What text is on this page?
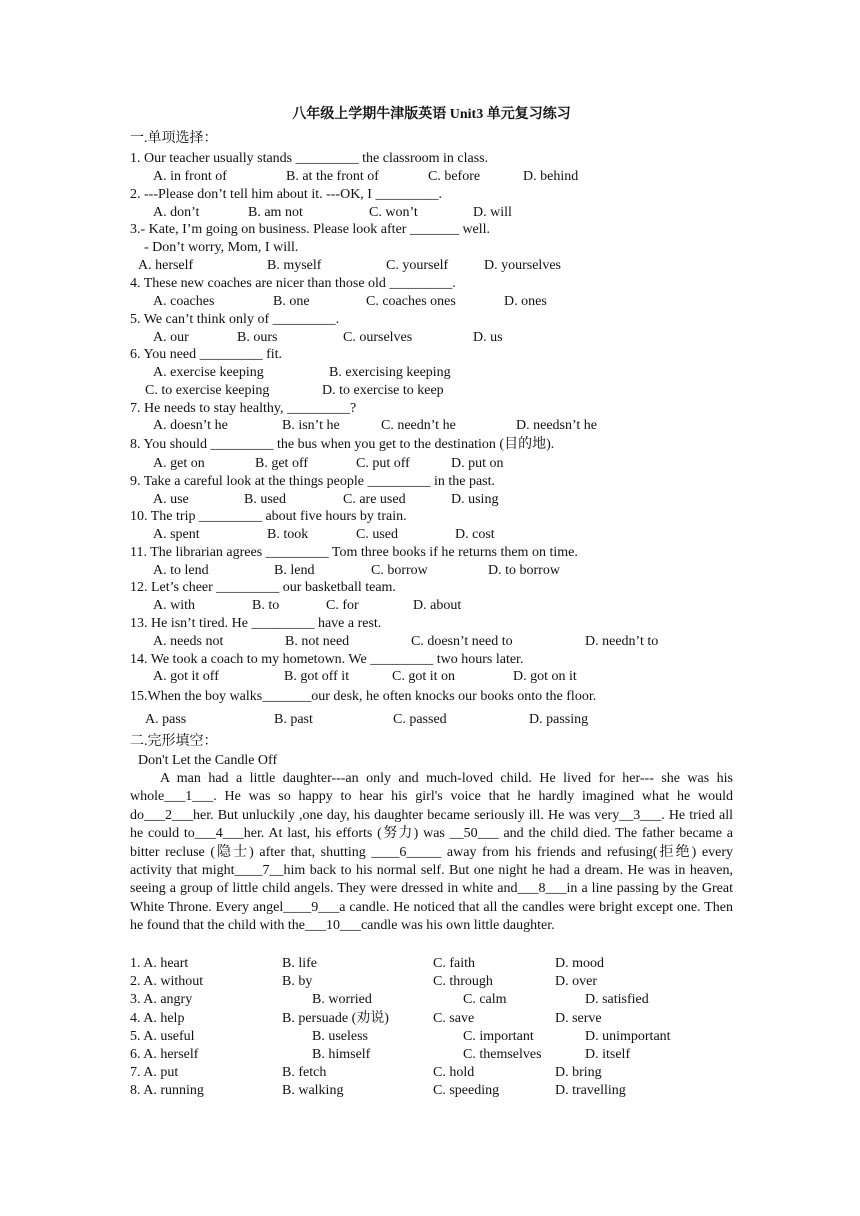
八年级上学期牛津版英语 Unit3 单元复习练习
一.单项选择：
1. Our teacher usually stands _________ the classroom in class.
A. in front of	B. at the front of	C. before	D. behind
2. ---Please don’t tell him about it. ---OK, I _________.
A. don’t	B. am not	C. won’t	D. will
3.- Kate, I’m going on business. Please look after _______ well.
- Don’t worry, Mom, I will.
A. herself	B. myself	C. yourself	D. yourselves
4. These new coaches are nicer than those old _________.
A. coaches	B. one	C. coaches ones	D. ones
5. We can’t think only of _________.
A. our	B. ours	C. ourselves	D. us
6. You need _________ fit.
A. exercise keeping	B. exercising keeping
C. to exercise keeping	D. to exercise to keep
7. He needs to stay healthy, _________?
A. doesn’t he	B. isn’t he	C. needn’t he	D. needsn’t he
8. You should _________ the bus when you get to the destination (目的地).
A. get on	B. get off	C. put off	D. put on
9. Take a careful look at the things people _________ in the past.
A. use	B. used	C. are used	D. using
10. The trip _________ about five hours by train.
A. spent	B. took	C. used	D. cost
11. The librarian agrees _________ Tom three books if he returns them on time.
A. to lend	B. lend	C. borrow	D. to borrow
12. Let’s cheer _________ our basketball team.
A. with	B. to	C. for	D. about
13. He isn’t tired. He _________ have a rest.
A. needs not	B. not need	C. doesn’t need to	D. needn’t to
14. We took a coach to my hometown. We _________ two hours later.
A. got it off	B. got off it	C. got it on	D. got on it
15.When the boy walks_______our desk, he often knocks our books onto the floor.
A. pass	B. past	C. passed	D. passing
二.完形填空：
Don't Let the Candle Off
A man had a little daughter---an only and much-loved child. He lived for her--- she was his whole___1___. He was so happy to hear his girl's voice that he hardly imagined what he would do___2___her. But unluckily ,one day, his daughter became seriously ill. He was very__3___. He tried all he could to___4___her. At last, his efforts (努力) was __50___ and the child died. The father became a bitter recluse (隐士) after that, shutting ____6_____ away from his friends and refusing(拒绝) every activity that might____7__him back to his normal self. But one night he had a dream. He was in heaven, seeing a group of little child angels. They were dressed in white and___8___in a line passing by the Great White Throne. Every angel____9___a candle. He noticed that all the candles were bright except one. Then he found that the child with the___10___candle was his own little daughter.
1. A. heart	B. life	C. faith	D. mood
2. A. without	B. by	C. through	D. over
3. A. angry	B. worried	C. calm	D. satisfied
4. A. help	B. persuade (劝说)	C. save	D. serve
5. A. useful	B. useless	C. important	D. unimportant
6. A. herself	B. himself	C. themselves	D. itself
7. A. put	B. fetch	C. hold	D. bring
8. A. running	B. walking	C. speeding	D. travelling
